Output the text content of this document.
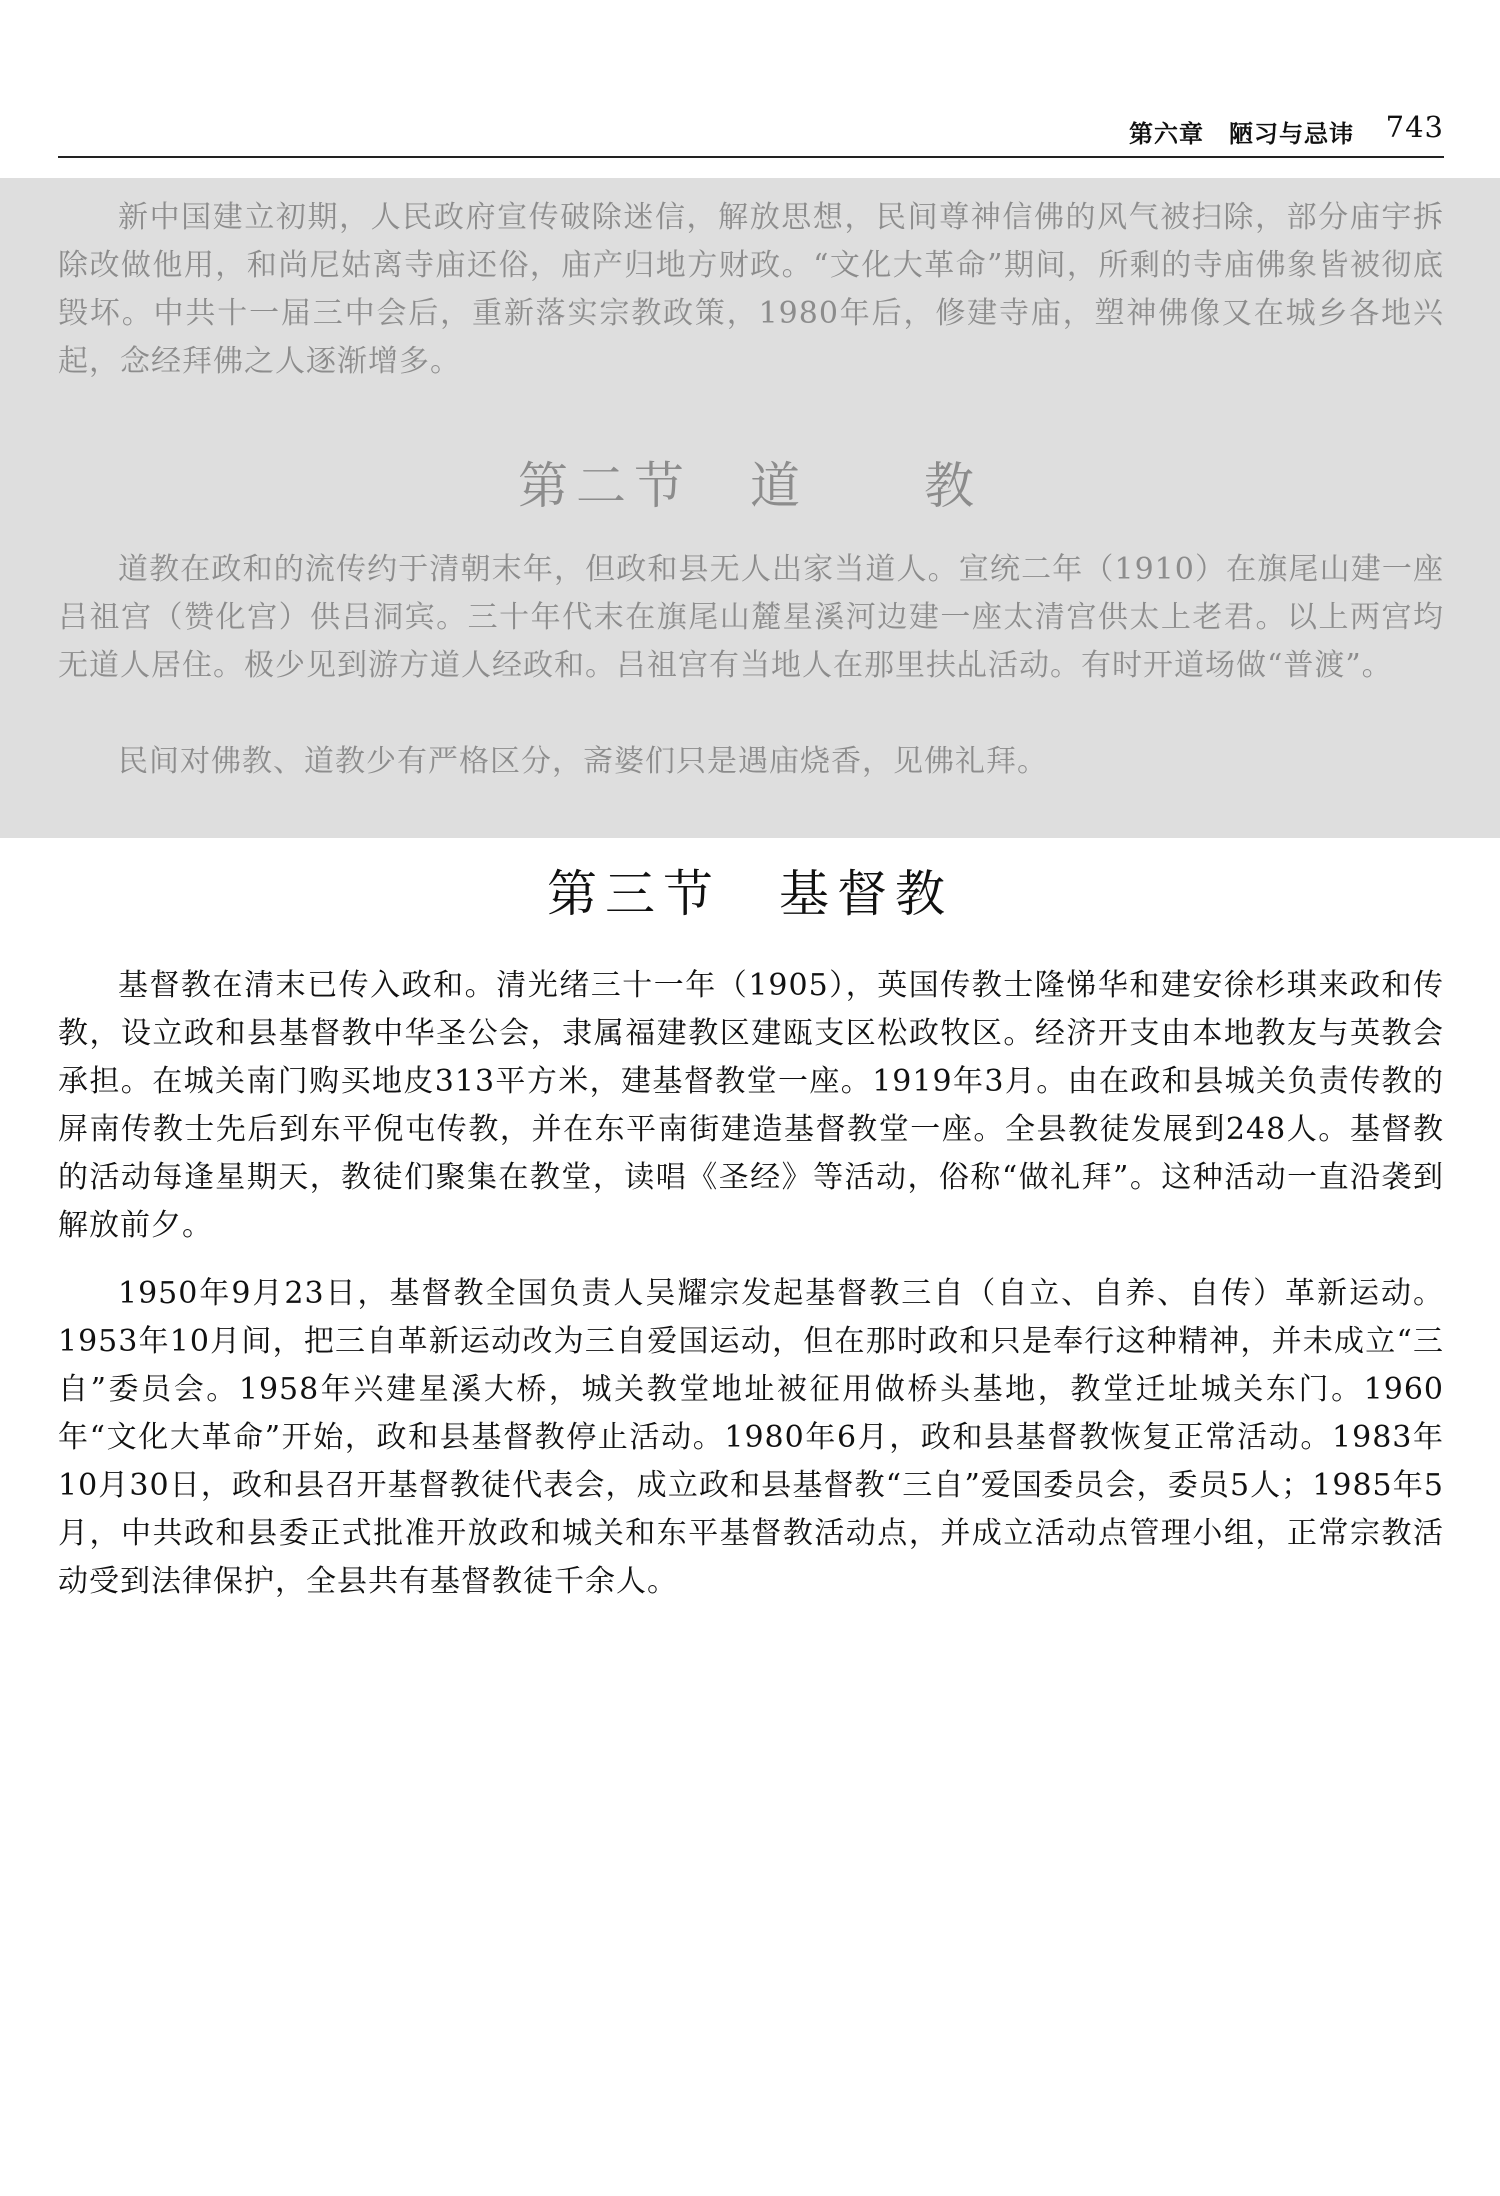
第六章　陋习与忌讳 743

新中国建立初期，人民政府宣传破除迷信，解放思想，民间尊神信佛的风气被扫除，部分庙宇拆除改做他用，和尚尼姑离寺庙还俗，庙产归地方财政。“文化大革命”期间，所剩的寺庙佛象皆被彻底毁坏。中共十一届三中会后，重新落实宗教政策，1980年后，修建寺庙，塑神佛像又在城乡各地兴起，念经拜佛之人逐渐增多。

第二节　道　　教

道教在政和的流传约于清朝末年，但政和县无人出家当道人。宣统二年（1910）在旗尾山建一座吕祖宫（赞化宫）供吕洞宾。三十年代末在旗尾山麓星溪河边建一座太清宫供太上老君。以上两宫均无道人居住。极少见到游方道人经政和。吕祖宫有当地人在那里扶乩活动。有时开道场做“普渡”。

民间对佛教、道教少有严格区分，斋婆们只是遇庙烧香，见佛礼拜。

第三节　基督教

基督教在清末已传入政和。清光绪三十一年（1905），英国传教士隆悌华和建安徐杉琪来政和传教，设立政和县基督教中华圣公会，隶属福建教区建瓯支区松政牧区。经济开支由本地教友与英教会承担。在城关南门购买地皮313平方米，建基督教堂一座。1919年3月。由在政和县城关负责传教的屏南传教士先后到东平倪屯传教，并在东平南街建造基督教堂一座。全县教徒发展到248人。基督教的活动每逢星期天，教徒们聚集在教堂，读唱《圣经》等活动，俗称“做礼拜”。这种活动一直沿袭到解放前夕。

1950年9月23日，基督教全国负责人吴耀宗发起基督教三自（自立、自养、自传）革新运动。1953年10月间，把三自革新运动改为三自爱国运动，但在那时政和只是奉行这种精神，并未成立“三自”委员会。1958年兴建星溪大桥，城关教堂地址被征用做桥头基地，教堂迁址城关东门。1960年“文化大革命”开始，政和县基督教停止活动。1980年6月，政和县基督教恢复正常活动。1983年10月30日，政和县召开基督教徒代表会，成立政和县基督教“三自”爱国委员会，委员5人；1985年5月，中共政和县委正式批准开放政和城关和东平基督教活动点，并成立活动点管理小组，正常宗教活动受到法律保护，全县共有基督教徒千余人。
